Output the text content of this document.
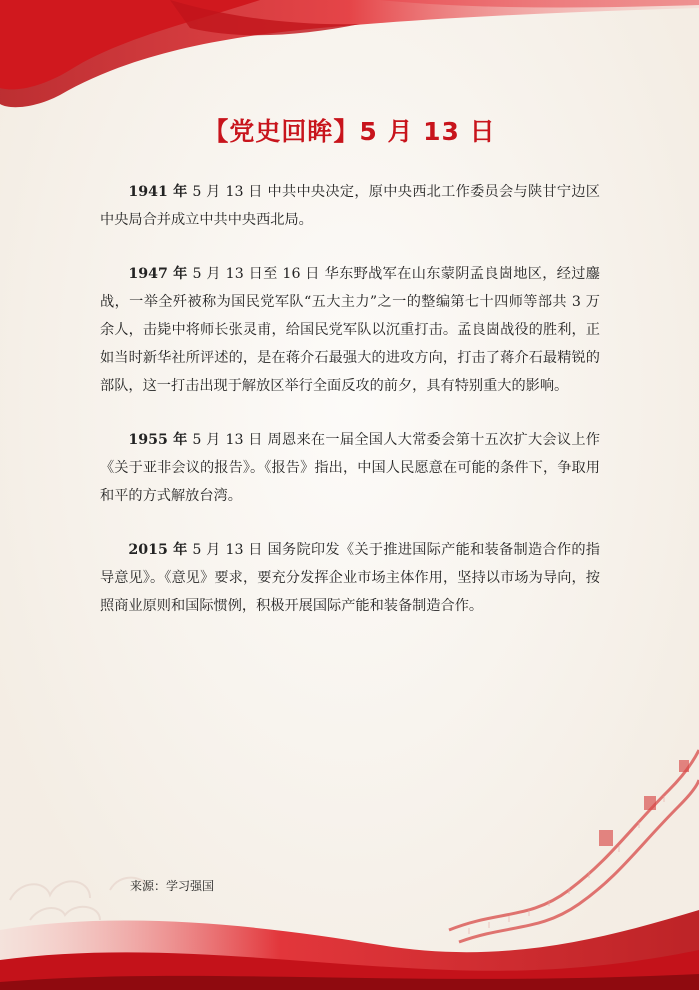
【党史回眸】5 月 13 日

1941 年 5 月 13 日 中共中央决定，原中央西北工作委员会与陕甘宁边区中央局合并成立中共中央西北局。

1947 年 5 月 13 日至 16 日 华东野战军在山东蒙阴孟良崮地区，经过鏖战，一举全歼被称为国民党军队“五大主力”之一的整编第七十四师等部共 3 万余人，击毙中将师长张灵甫，给国民党军队以沉重打击。孟良崮战役的胜利，正如当时新华社所评述的，是在蒋介石最强大的进攻方向，打击了蒋介石最精锐的部队，这一打击出现于解放区举行全面反攻的前夕，具有特别重大的影响。

1955 年 5 月 13 日 周恩来在一届全国人大常委会第十五次扩大会议上作《关于亚非会议的报告》。《报告》指出，中国人民愿意在可能的条件下，争取用和平的方式解放台湾。

2015 年 5 月 13 日 国务院印发《关于推进国际产能和装备制造合作的指导意见》。《意见》要求，要充分发挥企业市场主体作用，坚持以市场为导向，按照商业原则和国际惯例，积极开展国际产能和装备制造合作。

来源：学习强国
